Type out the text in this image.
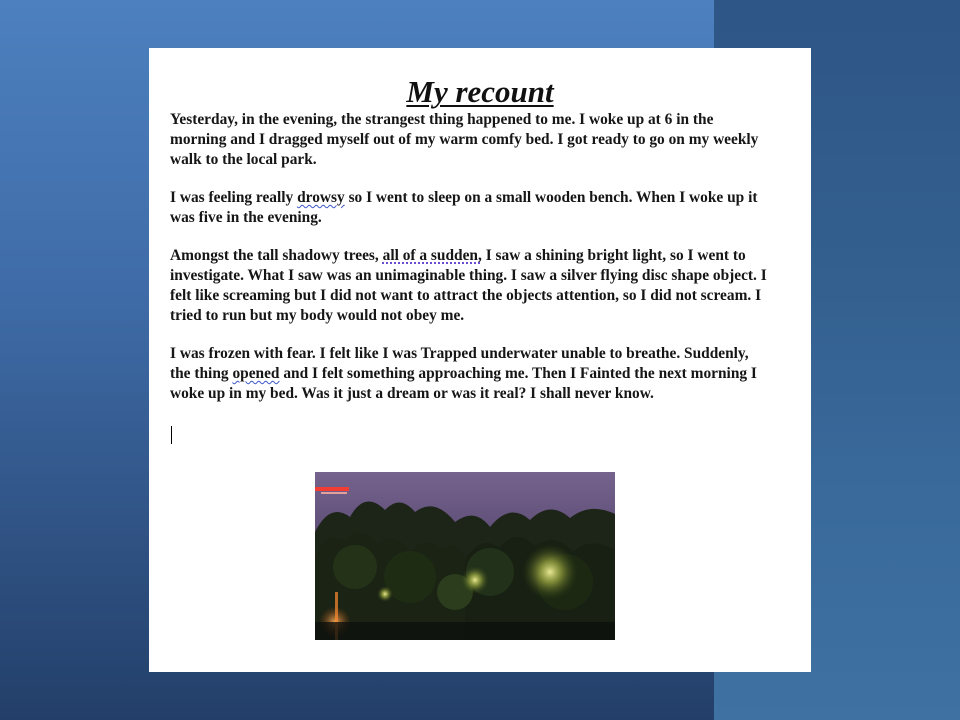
My recount

Yesterday, in the evening, the strangest thing happened to me. I woke up at 6 in the morning and I dragged myself out of my warm comfy bed. I got ready to go on my weekly walk to the local park.

I was feeling really drowsy so I went to sleep on a small wooden bench. When I woke up it was five in the evening.

Amongst the tall shadowy trees, all of a sudden, I saw a shining bright light, so I went to investigate. What I saw was an unimaginable thing. I saw a silver flying disc shape object. I felt like screaming but I did not want to attract the objects attention, so I did not scream. I tried to run but my body would not obey me.

I was frozen with fear. I felt like I was Trapped underwater unable to breathe. Suddenly, the thing opened and I felt something approaching me. Then I Fainted the next morning I woke up in my bed. Was it just a dream or was it real? I shall never know.
